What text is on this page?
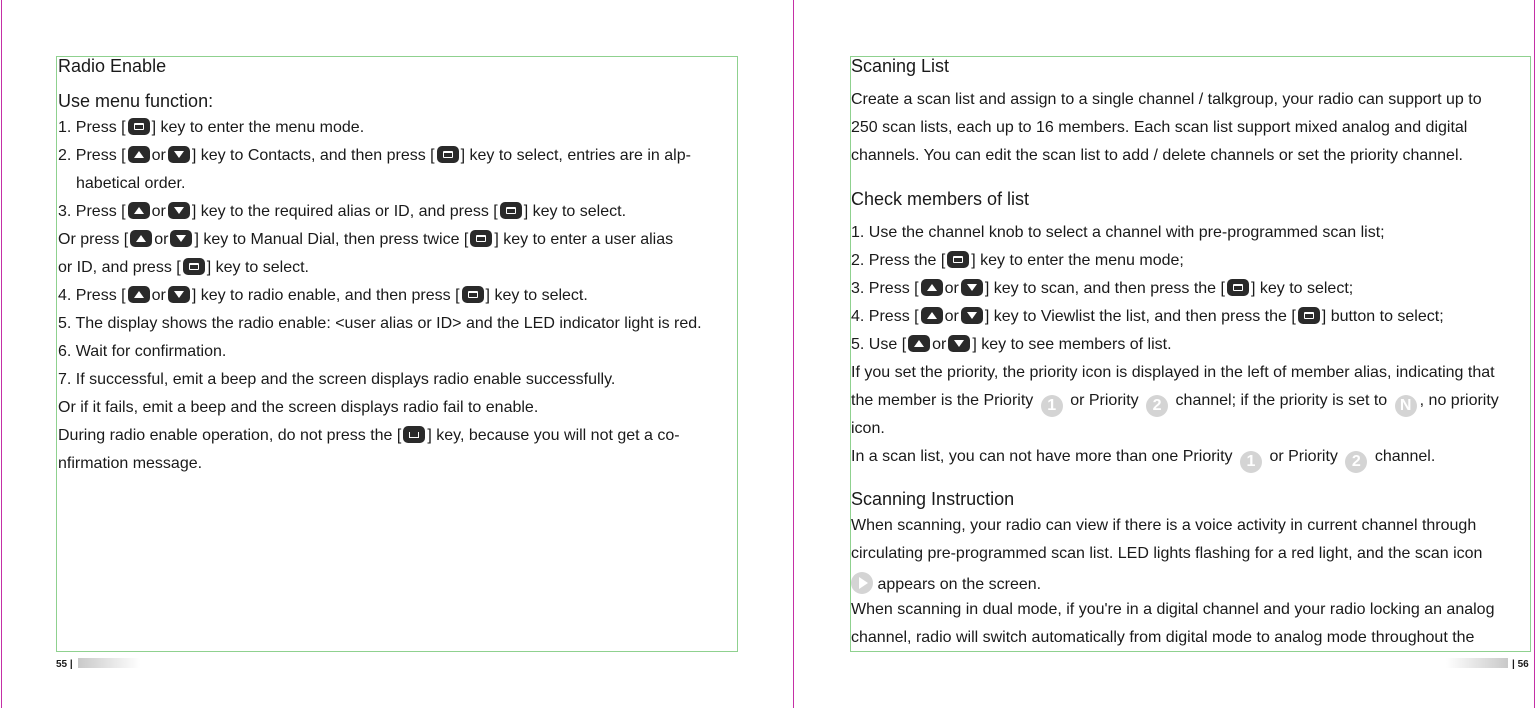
Radio Enable
Use menu function:
1. Press [ ] key to enter the menu mode.
2. Press [ or ] key to Contacts, and then press [ ] key to select, entries are in alp-
habetical order.
3. Press [ or ] key to the required alias or ID, and press [ ] key to select.
Or press [ or ] key to Manual Dial, then press twice [ ] key to enter a user alias
or ID, and press [ ] key to select.
4. Press [ or ] key to radio enable, and then press [ ] key to select.
5. The display shows the radio enable: <user alias or ID> and the LED indicator light is red.
6. Wait for confirmation.
7. If successful, emit a beep and the screen displays radio enable successfully.
Or if it fails, emit a beep and the screen displays radio fail to enable.
During radio enable operation, do not press the [ ] key, because you will not get a co-
nfirmation message.
55 |
Scaning List
Create a scan list and assign to a single channel / talkgroup, your radio can support up to
250 scan lists, each up to 16 members. Each scan list support mixed analog and digital
channels. You can edit the scan list to add / delete channels or set the priority channel.
Check members of list
1. Use the channel knob to select a channel with pre-programmed scan list;
2. Press the [ ] key to enter the menu mode;
3. Press [ or ] key to scan, and then press the [ ] key to select;
4. Press [ or ] key to Viewlist the list, and then press the [ ] button to select;
5. Use [ or ] key to see members of list.
If you set the priority, the priority icon is displayed in the left of member alias, indicating that
the member is the Priority 1 or Priority 2 channel; if the priority is set to N , no priority
icon.
In a scan list, you can not have more than one Priority 1 or Priority 2 channel.
Scanning Instruction
When scanning, your radio can view if there is a voice activity in current channel through
circulating pre-programmed scan list. LED lights flashing for a red light, and the scan icon
appears on the screen.
When scanning in dual mode, if you're in a digital channel and your radio locking an analog
channel, radio will switch automatically from digital mode to analog mode throughout the
| 56
